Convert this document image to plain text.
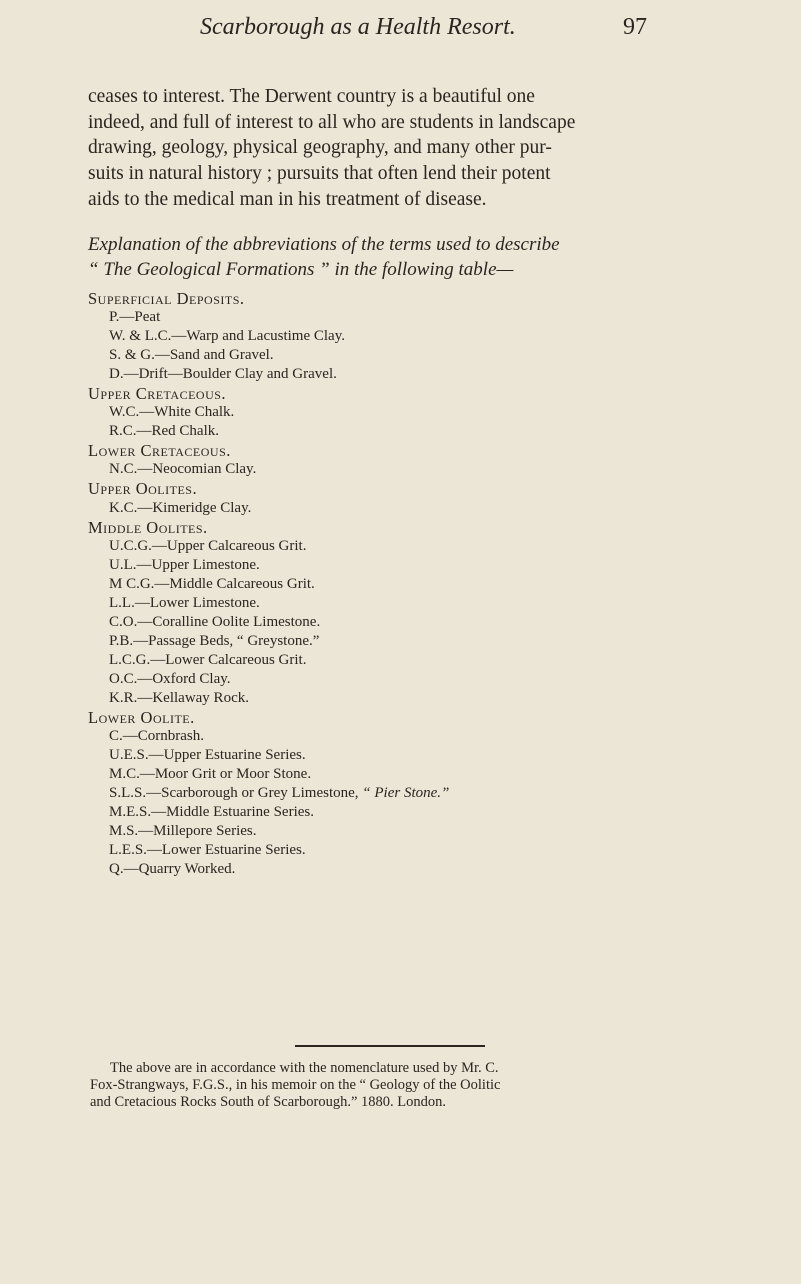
Scarborough as a Health Resort.	97
ceases to interest. The Derwent country is a beautiful one
indeed, and full of interest to all who are students in landscape
drawing, geology, physical geography, and many other pur-
suits in natural history ; pursuits that often lend their potent
aids to the medical man in his treatment of disease.
Explanation of the abbreviations of the terms used to describe
“ The Geological Formations ” in the following table—
Superficial Deposits.
P.—Peat
W. & L.C.—Warp and Lacustime Clay.
S. & G.—Sand and Gravel.
D.—Drift—Boulder Clay and Gravel.
Upper Cretaceous.
W.C.—White Chalk.
R.C.—Red Chalk.
Lower Cretaceous.
N.C.—Neocomian Clay.
Upper Oolites.
K.C.—Kimeridge Clay.
Middle Oolites.
U.C.G.—Upper Calcareous Grit.
U.L.—Upper Limestone.
M C.G.—Middle Calcareous Grit.
L.L.—Lower Limestone.
C.O.—Coralline Oolite Limestone.
P.B.—Passage Beds, “ Greystone.”
L.C.G.—Lower Calcareous Grit.
O.C.—Oxford Clay.
K.R.—Kellaway Rock.
Lower Oolite.
C.—Cornbrash.
U.E.S.—Upper Estuarine Series.
M.C.—Moor Grit or Moor Stone.
S.L.S.—Scarborough or Grey Limestone, “ Pier Stone.”
M.E.S.—Middle Estuarine Series.
M.S.—Millepore Series.
L.E.S.—Lower Estuarine Series.
Q.—Quarry Worked.
The above are in accordance with the nomenclature used by Mr. C.
Fox-Strangways, F.G.S., in his memoir on the “ Geology of the Oolitic
and Cretacious Rocks South of Scarborough.” 1880. London.
